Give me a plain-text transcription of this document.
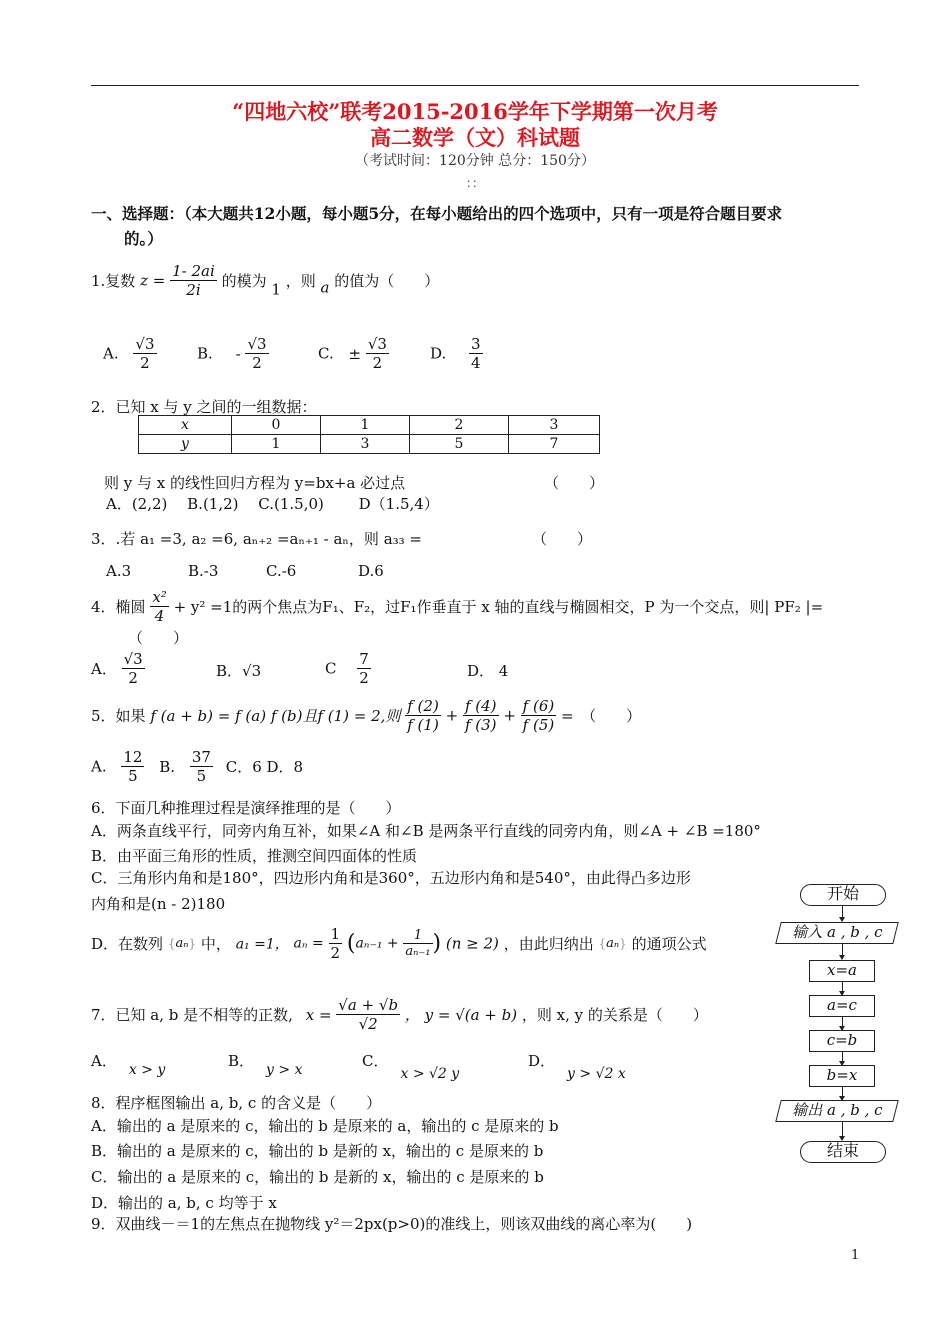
“四地六校”联考2015-2016学年下学期第一次月考
高二数学（文）科试题
（考试时间：120分钟 总分：150分）
：：
一、选择题：（本大题共12小题，每小题5分，在每小题给出的四个选项中，只有一项是符合题目要求
的。）
1.复数 $z = \frac{1- 2ai}{2i}$ 的模为 1 ，则 a 的值为（　　）
A. $\frac{√3}{2}$	B. - $\frac{√3}{2}$	C. ± $\frac{√3}{2}$	D. $\frac{3}{4}$
2．已知 x 与 y 之间的一组数据：
x	0	1	2	3
y	1	3	5	7
则 y 与 x 的线性回归方程为 y=bx+a 必过点	（　　）
A．(2,2)　 B.(1,2)　 C.(1.5,0)　　 D（1.5,4）
3．.若 a₁ =3, a₂ =6, aₙ₊₂ =aₙ₊₁ - aₙ，则 a₃₃ =	（　　）
A.3	B.-3	C.-6	D.6
4．椭圆 $\frac{\text{x²}}{4} + y^2 =1$的两个焦点为F₁、F₂，过F₁作垂直于 x 轴的直线与椭圆相交，P 为一个交点，则| PF₂ |=
（　　）
A． $\frac{√3}{2}$	B．√3	C $\frac{7}{2}$	D． 4
5．如果 f (a + b) = f (a) f (b)且f (1) = 2,则 $\frac{f (2)}{f (1)} + \frac{f (4)}{f (3)} + \frac{f (6)}{f (5)}$ =　（　　）
A. $\frac{12}{5} B$. $\frac{37}{5}$ C．6 D．8
6．下面几种推理过程是演绎推理的是（　　）
A．两条直线平行，同旁内角互补，如果∠A 和∠B 是两条平行直线的同旁内角，则∠A + ∠B =180°
B．由平面三角形的性质，推测空间四面体的性质
C．三角形内角和是180°，四边形内角和是360°，五边形内角和是540°，由此得凸多边形
内角和是(n - 2)180
D．在数列 {aₙ} 中， a₁ =1， $a_n = \frac{1}{2} (a_{n-1} + \frac{1}{\text{aₙ₋₁}}$ ) (n ≥ 2) ，由此归纳出 {aₙ} 的通项公式
7．已知 a, b 是不相等的正数, $x = \frac{√a + √b}{√2}$ ， y = √(a + b) ，则 x, y 的关系是（　　）
A． x > y	B． y > x	C．x > √2 y
D．y > √2 x
8．程序框图输出 a, b, c 的含义是（　　）
A．输出的 a 是原来的 c，输出的 b 是原来的 a，输出的 c 是原来的 b
B．输出的 a 是原来的 c，输出的 b 是新的 x，输出的 c 是原来的 b
C．输出的 a 是原来的 c，输出的 b 是新的 x，输出的 c 是原来的 b
D．输出的 a, b, c 均等于 x
9．双曲线－＝1的左焦点在抛物线 y²＝2px(p>0)的准线上，则该双曲线的离心率为(　　)
开始
输入 a , b , c
x=a
a=c
c=b
b=x
输出 a , b , c
结束
1
